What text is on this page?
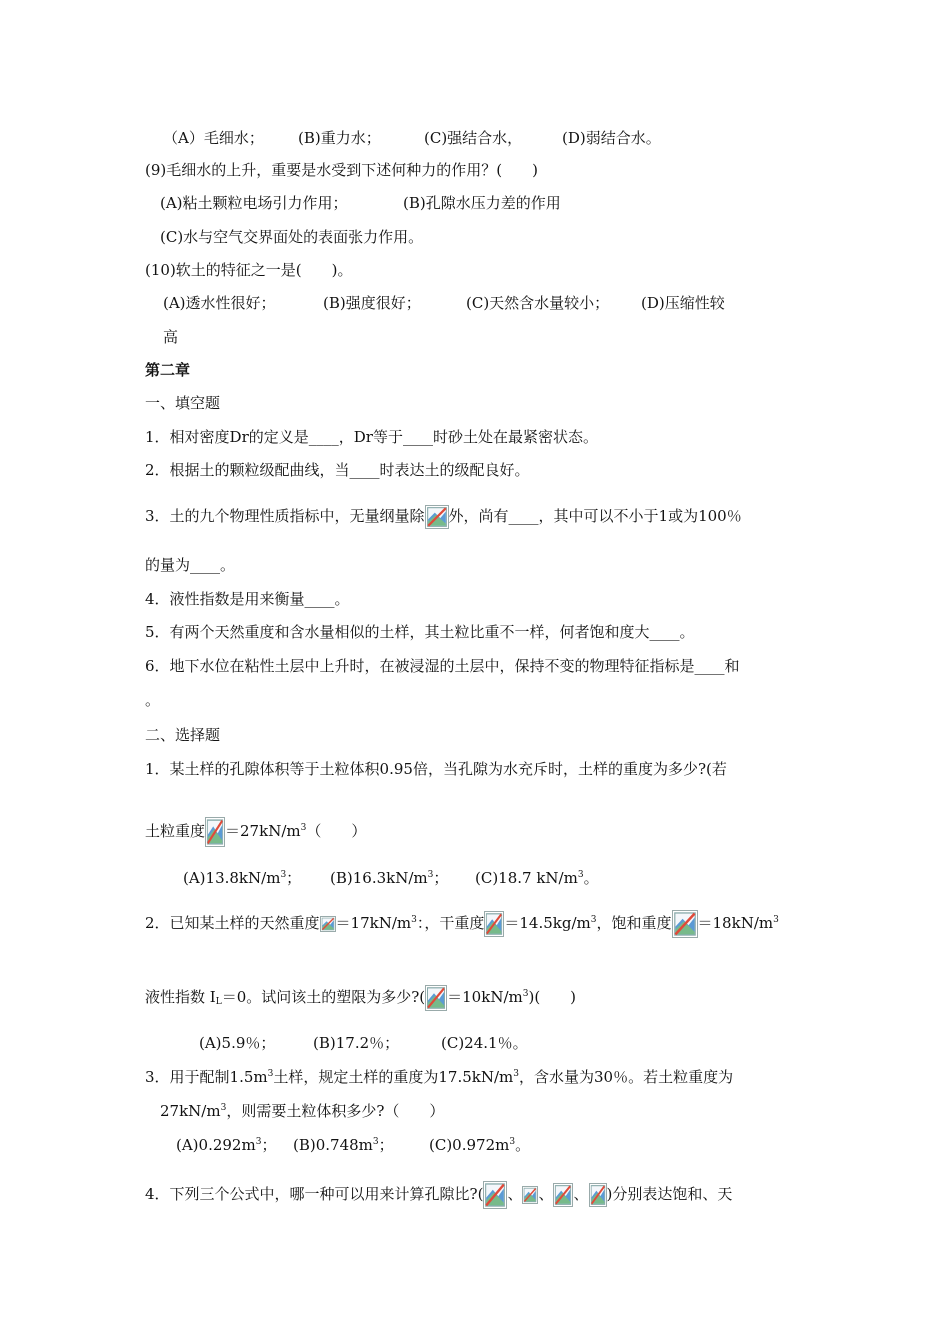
（A）毛细水； (B)重力水；	(C)强结合水，	(D)弱结合水。
(9)毛细水的上升，重要是水受到下述何种力的作用？(　　)
(A)粘土颗粒电场引力作用；	(B)孔隙水压力差的作用
(C)水与空气交界面处的表面张力作用。
(10)软土的特征之一是(　　)。
(A)透水性很好；	(B)强度很好；	(C)天然含水量较小； (D)压缩性较
高
第二章
一、填空题
1．相对密度Dr的定义是____，Dr等于____时砂土处在最紧密状态。
2．根据土的颗粒级配曲线，当____时表达土的级配良好。
3．土的九个物理性质指标中，无量纲量除 外，尚有____，其中可以不小于1或为100％
的量为____。
4．液性指数是用来衡量____。
5．有两个天然重度和含水量相似的土样，其土粒比重不一样，何者饱和度大____。
6．地下水位在粘性土层中上升时，在被浸湿的土层中，保持不变的物理特征指标是____和
。
二、选择题
1．某土样的孔隙体积等于土粒体积0.95倍，当孔隙为水充斥时，土样的重度为多少?(若
土粒重度 $=27kN/m^3$（　　）
$(A)13.8kN/m^3$； $(B)16.3kN/m^3$； (C)18.7 $kN/m^3$。
2．已知某土样的天然重度 $=17kN/m^3$：，干重度 $=14.5kg/m^3$，饱和重度 $=18kN/m^3$
液性指数 $I_L=0$。试问该土的塑限为多少?( $=10kN/m^3$)(　　)
(A)5.9％；	(B)17.2％；	(C)24.1％。
3．用于配制$1.5m^3$土样，规定土样的重度为$17.5kN/m^3$，含水量为30％。若土粒重度为
$27kN/m^3$，则需要土粒体积多少?（　　）
$(A)0.292m^3$； $(B)0.748m^3$； $(C)0.972m^3$。
4．下列三个公式中，哪一种可以用来计算孔隙比?( 、 、 、 )分别表达饱和、天
